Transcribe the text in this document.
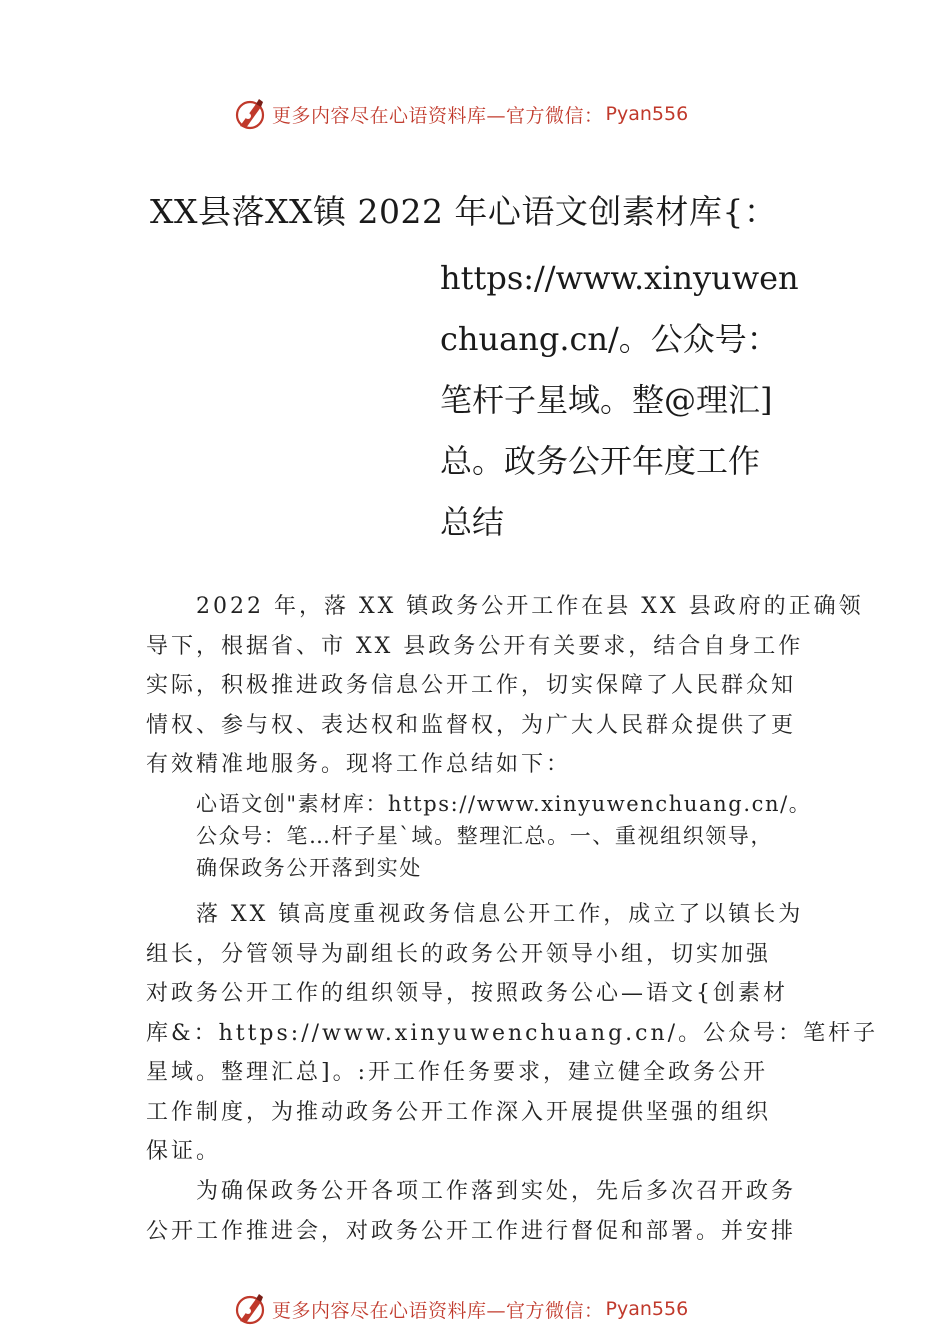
更多内容尽在心语资料库—官方微信： Pyan556
XX县落XX镇 2022 年心语文创素材库{：
https://www.xinyuwen
chuang.cn/。公众号：
笔杆子星域。整@理汇]
总。政务公开年度工作
总结
2022 年，落 XX 镇政务公开工作在县 XX 县政府的正确领
导下，根据省、市 XX 县政务公开有关要求，结合自身工作
实际，积极推进政务信息公开工作，切实保障了人民群众知
情权、参与权、表达权和监督权，为广大人民群众提供了更
有效精准地服务。现将工作总结如下：
心语文创"素材库：https://www.xinyuwenchuang.cn/。
公众号：笔…杆子星`域。整理汇总。一、重视组织领导，
确保政务公开落到实处
落 XX 镇高度重视政务信息公开工作，成立了以镇长为
组长，分管领导为副组长的政务公开领导小组，切实加强
对政务公开工作的组织领导，按照政务公心—语文{创素材
库&：https://www.xinyuwenchuang.cn/。公众号：笔杆子
星域。整理汇总]。:开工作任务要求，建立健全政务公开
工作制度，为推动政务公开工作深入开展提供坚强的组织
保证。
为确保政务公开各项工作落到实处，先后多次召开政务
公开工作推进会，对政务公开工作进行督促和部署。并安排
更多内容尽在心语资料库—官方微信： Pyan556
